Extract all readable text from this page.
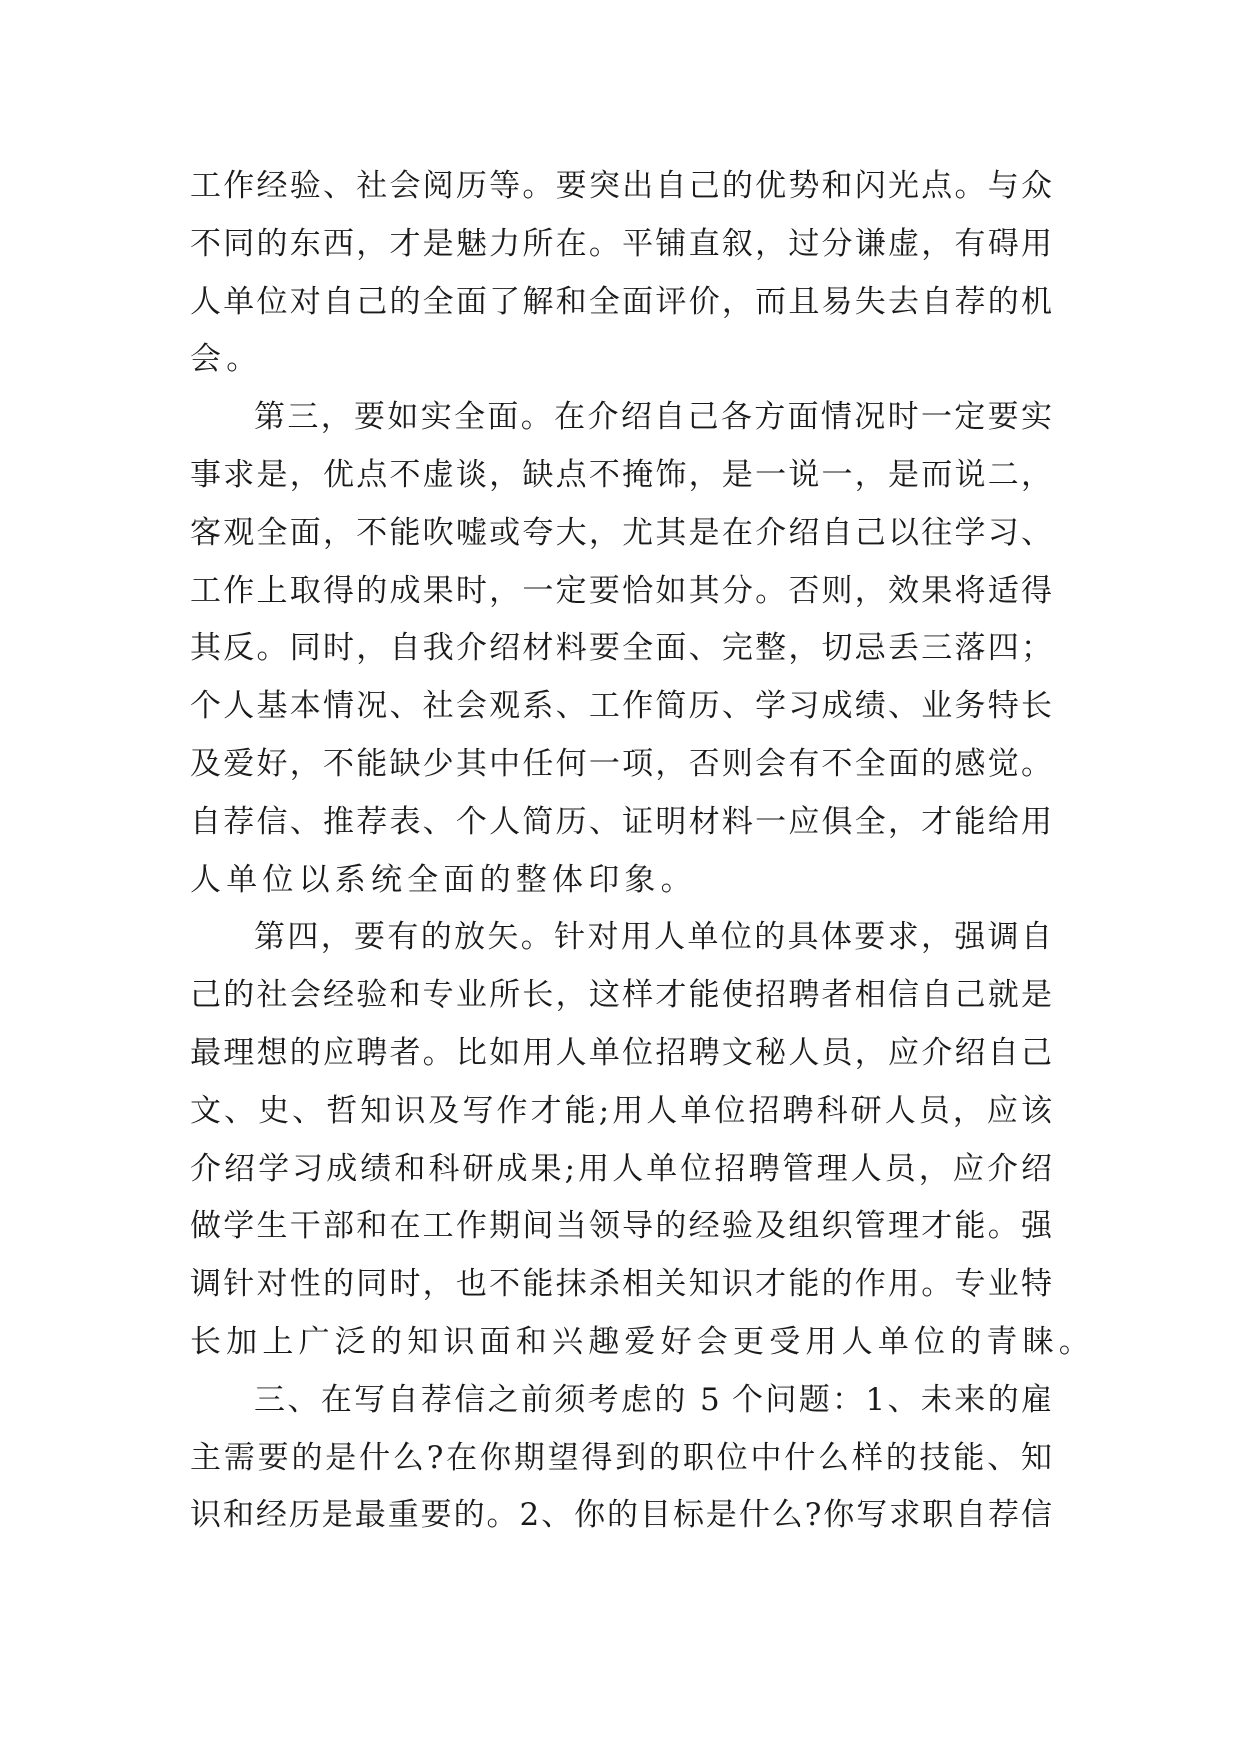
工作经验、社会阅历等。要突出自己的优势和闪光点。与众
不同的东西，才是魅力所在。平铺直叙，过分谦虚，有碍用
人单位对自己的全面了解和全面评价，而且易失去自荐的机
会。
第三，要如实全面。在介绍自己各方面情况时一定要实
事求是，优点不虚谈，缺点不掩饰，是一说一，是而说二，
客观全面，不能吹嘘或夸大，尤其是在介绍自己以往学习、
工作上取得的成果时，一定要恰如其分。否则，效果将适得
其反。同时，自我介绍材料要全面、完整，切忌丢三落四；
个人基本情况、社会观系、工作简历、学习成绩、业务特长
及爱好，不能缺少其中任何一项，否则会有不全面的感觉。
自荐信、推荐表、个人简历、证明材料一应俱全，才能给用
人单位以系统全面的整体印象。
第四，要有的放矢。针对用人单位的具体要求，强调自
己的社会经验和专业所长，这样才能使招聘者相信自己就是
最理想的应聘者。比如用人单位招聘文秘人员，应介绍自己
文、史、哲知识及写作才能;用人单位招聘科研人员，应该
介绍学习成绩和科研成果;用人单位招聘管理人员，应介绍
做学生干部和在工作期间当领导的经验及组织管理才能。强
调针对性的同时，也不能抹杀相关知识才能的作用。专业特
长加上广泛的知识面和兴趣爱好会更受用人单位的青睐。
三、在写自荐信之前须考虑的 5 个问题：1、未来的雇
主需要的是什么?在你期望得到的职位中什么样的技能、知
识和经历是最重要的。2、你的目标是什么?你写求职自荐信
